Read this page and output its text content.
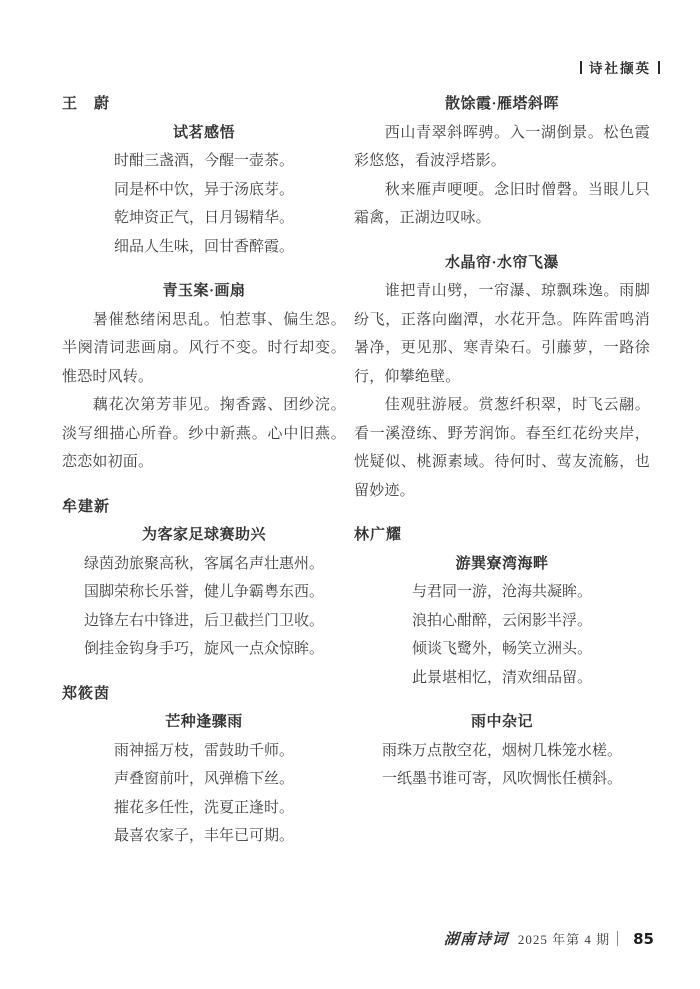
诗社撷英
王　蔚
试茗感悟
时酣三盏酒，今醒一壶茶。
同是杯中饮，异于汤底芽。
乾坤资正气，日月锡精华。
细品人生味，回甘香醉霞。
青玉案·画扇
暑催愁绪闲思乱。怕惹事、偏生怨。半阕清词悲画扇。风行不变。时行却变。惟恐时风转。
藕花次第芳菲见。掬香露、团纱浣。淡写细描心所眷。纱中新燕。心中旧燕。恋恋如初面。
牟建新
为客家足球赛助兴
绿茵劲旅聚高秋，客属名声壮惠州。
国脚荣称长乐誉，健儿争霸粤东西。
边锋左右中锋进，后卫截拦门卫收。
倒挂金钩身手巧，旋风一点众惊眸。
郑筱茵
芒种逢骤雨
雨神摇万枝，雷鼓助千师。
声叠窗前叶，风弹檐下丝。
摧花多任性，洗夏正逢时。
最喜农家子，丰年已可期。
散馀霞·雁塔斜晖
西山青翠斜晖骋。入一湖倒景。松色霞彩悠悠，看波浮塔影。
秋来雁声哽哽。念旧时僧磬。当眼儿只霜禽，正湖边叹咏。
水晶帘·水帘飞瀑
谁把青山劈，一帘瀑、琼飘珠逸。雨脚纷飞，正落向幽潭，水花开急。阵阵雷鸣消暑净，更见那、寒青染石。引藤萝，一路徐行，仰攀绝壁。
佳观驻游屐。赏葱纤积翠，时飞云翮。看一溪澄练、野芳润饰。春至红花纷夹岸，恍疑似、桃源素域。待何时、莺友流觞，也留妙迹。
林广耀
游巽寮湾海畔
与君同一游，沧海共凝眸。
浪拍心酣醉，云闲影半浮。
倾谈飞鹭外，畅笑立洲头。
此景堪相忆，清欢细品留。
雨中杂记
雨珠万点散空花，烟树几株笼水槎。
一纸墨书谁可寄，风吹惆怅任横斜。
湖南诗词 2025 年第 4 期 85
